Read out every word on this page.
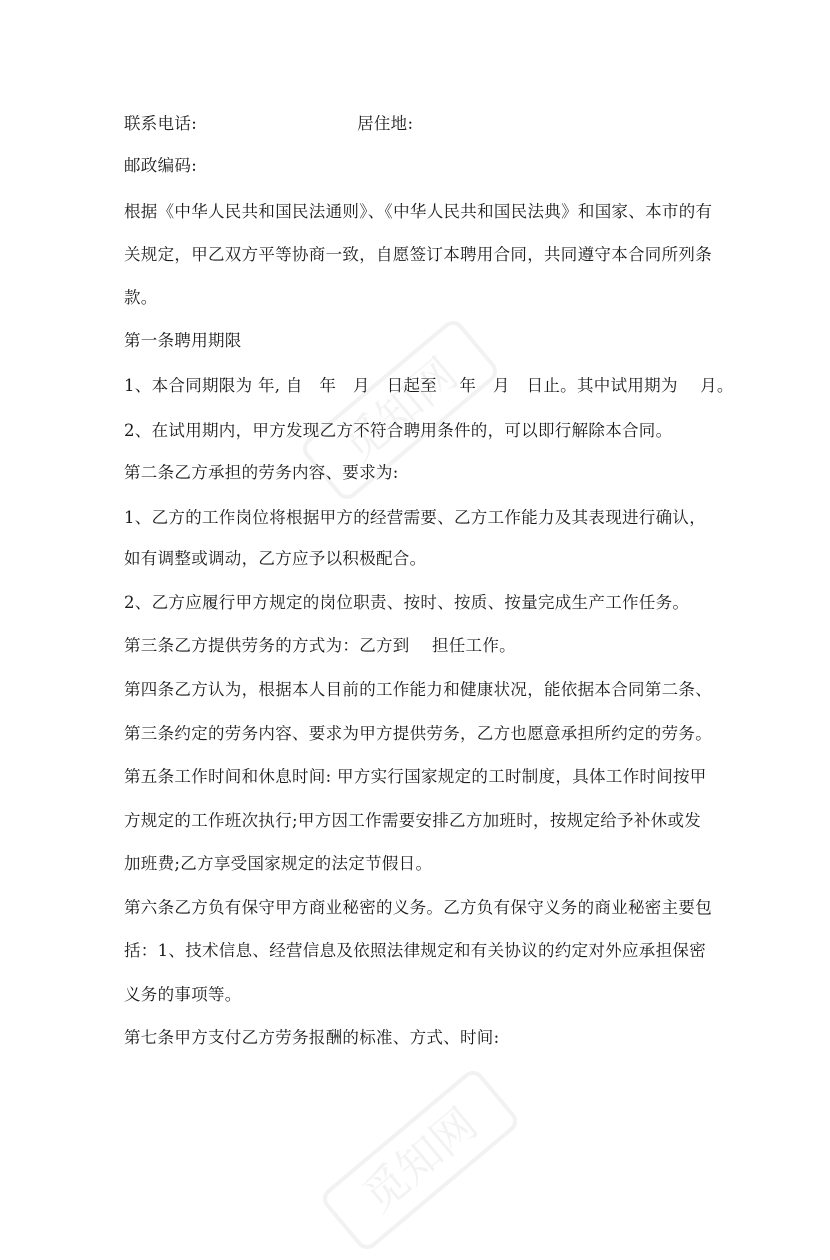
觅知网
觅知网
联系电话:	居住地:
邮政编码:
根据《中华人民共和国民法通则》、《中华人民共和国民法典》和国家、本市的有
关规定，甲乙双方平等协商一致，自愿签订本聘用合同，共同遵守本合同所列条
款。
第一条聘用期限
1、本合同期限为 年, 自　年　月　日起至　 年　月　日止。其中试用期为　 月。
2、在试用期内，甲方发现乙方不符合聘用条件的，可以即行解除本合同。
第二条乙方承担的劳务内容、要求为:
1、乙方的工作岗位将根据甲方的经营需要、乙方工作能力及其表现进行确认，
如有调整或调动，乙方应予以积极配合。
2、乙方应履行甲方规定的岗位职责、按时、按质、按量完成生产工作任务。
第三条乙方提供劳务的方式为：乙方到　 担任工作。
第四条乙方认为，根据本人目前的工作能力和健康状况，能依据本合同第二条、
第三条约定的劳务内容、要求为甲方提供劳务，乙方也愿意承担所约定的劳务。
第五条工作时间和休息时间: 甲方实行国家规定的工时制度，具体工作时间按甲
方规定的工作班次执行;甲方因工作需要安排乙方加班时，按规定给予补休或发
加班费;乙方享受国家规定的法定节假日。
第六条乙方负有保守甲方商业秘密的义务。乙方负有保守义务的商业秘密主要包
括：1、技术信息、经营信息及依照法律规定和有关协议的约定对外应承担保密
义务的事项等。
第七条甲方支付乙方劳务报酬的标准、方式、时间:
